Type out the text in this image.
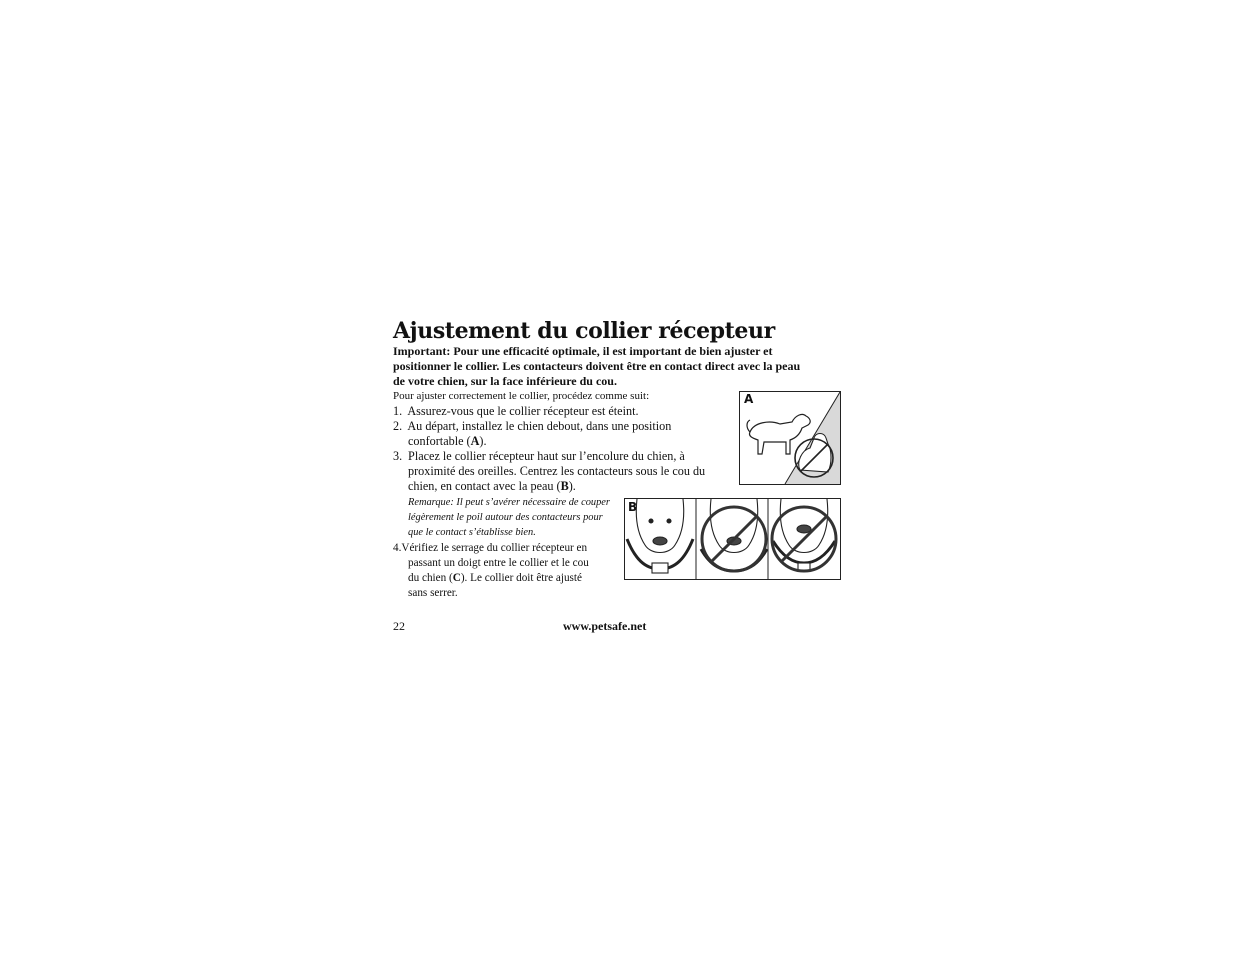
Ajustement du collier récepteur

Important: Pour une efficacité optimale, il est important de bien ajuster et
positionner le collier. Les contacteurs doivent être en contact direct avec la peau
de votre chien, sur la face inférieure du cou.

Pour ajuster correctement le collier, procédez comme suit:
1. Assurez-vous que le collier récepteur est éteint.
2. Au départ, installez le chien debout, dans une position
confortable (A).
3. Placez le collier récepteur haut sur l’encolure du chien, à
proximité des oreilles. Centrez les contacteurs sous le cou du
chien, en contact avec la peau (B).
Remarque: Il peut s’avérer nécessaire de couper
légèrement le poil autour des contacteurs pour
que le contact s’établisse bien.
4.Vérifiez le serrage du collier récepteur en
passant un doigt entre le collier et le cou
du chien (C). Le collier doit être ajusté
sans serrer.
A
B
22	www.petsafe.net
